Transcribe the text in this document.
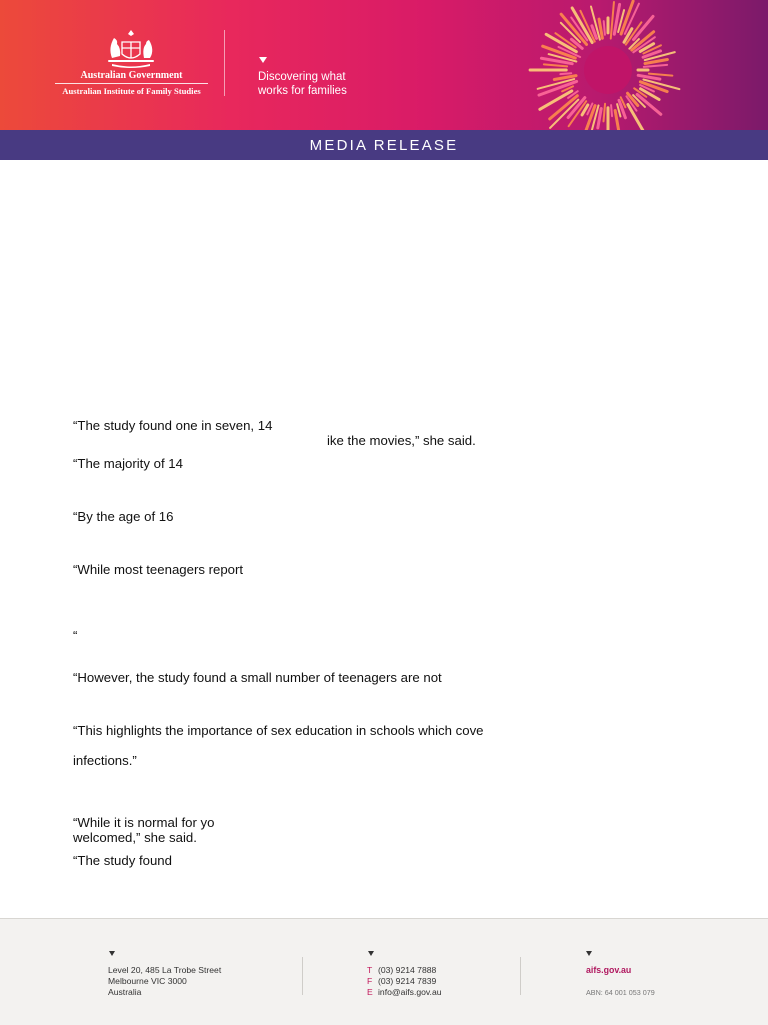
Australian Government
Australian Institute of Family Studies
Discovering what
works for families
MEDIA RELEASE
“The study found one in seven, 14
ike the movies,” she said.
“The majority of 14
“By the age of 16
“While most teenagers report
“
“However, the study found a small number of teenagers are not
“This highlights the importance of sex education in schools which cove
infections.”
“While it is normal for yo
welcomed,” she said.
“The study found
Level 20, 485 La Trobe Street
Melbourne VIC 3000
Australia
T (03) 9214 7888
F (03) 9214 7839
E info@aifs.gov.au
aifs.gov.au
ABN: 64 001 053 079
